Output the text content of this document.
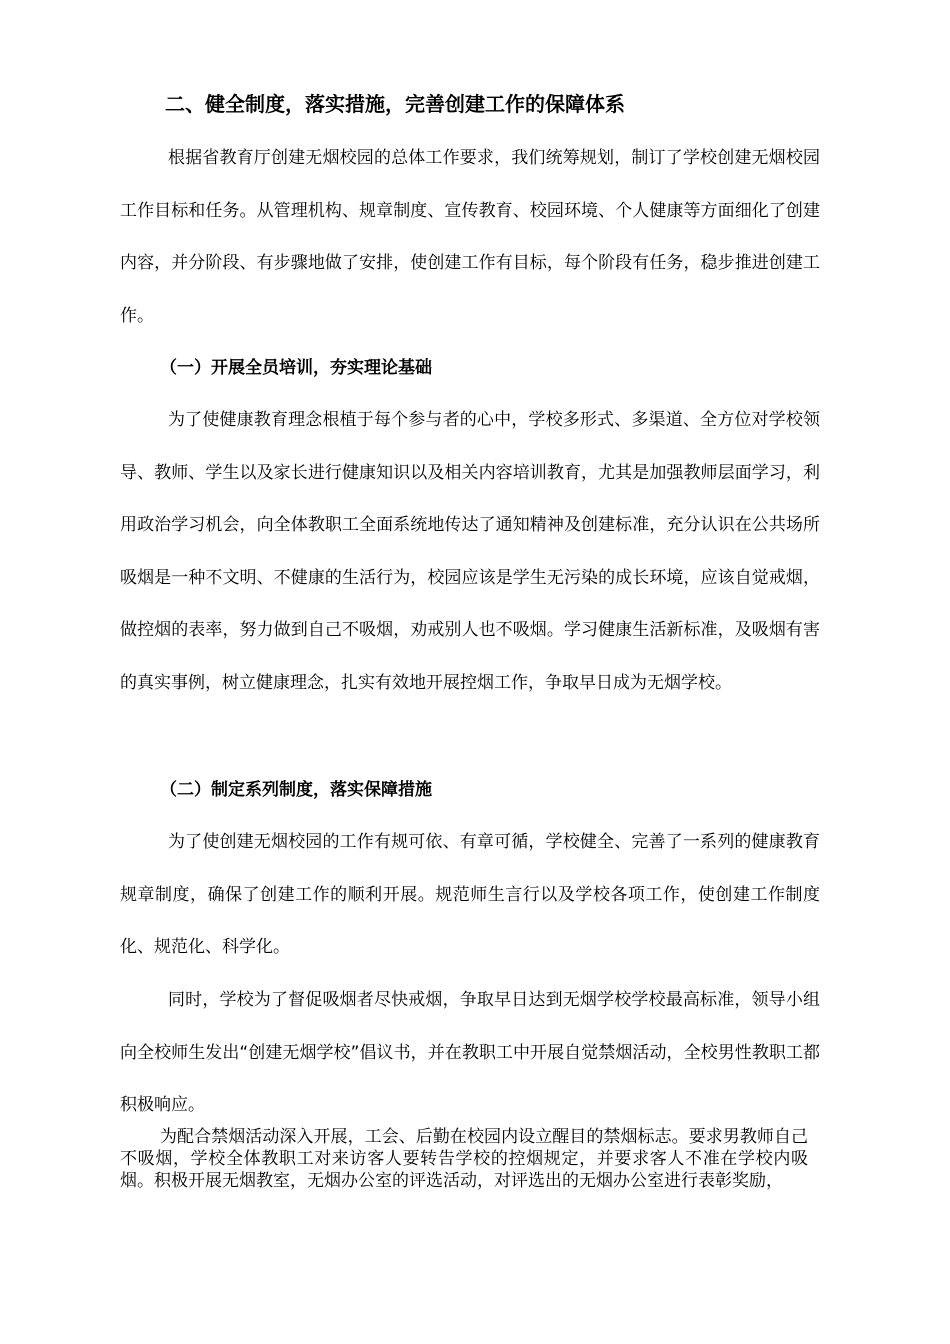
二、健全制度，落实措施，完善创建工作的保障体系

根据省教育厅创建无烟校园的总体工作要求，我们统筹规划，制订了学校创建无烟校园工作目标和任务。从管理机构、规章制度、宣传教育、校园环境、个人健康等方面细化了创建内容，并分阶段、有步骤地做了安排，使创建工作有目标，每个阶段有任务，稳步推进创建工作。

（一）开展全员培训，夯实理论基础

为了使健康教育理念根植于每个参与者的心中，学校多形式、多渠道、全方位对学校领导、教师、学生以及家长进行健康知识以及相关内容培训教育，尤其是加强教师层面学习，利用政治学习机会，向全体教职工全面系统地传达了通知精神及创建标准，充分认识在公共场所吸烟是一种不文明、不健康的生活行为，校园应该是学生无污染的成长环境，应该自觉戒烟，做控烟的表率，努力做到自己不吸烟，劝戒别人也不吸烟。学习健康生活新标准，及吸烟有害的真实事例，树立健康理念，扎实有效地开展控烟工作，争取早日成为无烟学校。

（二）制定系列制度，落实保障措施

为了使创建无烟校园的工作有规可依、有章可循，学校健全、完善了一系列的健康教育规章制度，确保了创建工作的顺利开展。规范师生言行以及学校各项工作，使创建工作制度化、规范化、科学化。

同时，学校为了督促吸烟者尽快戒烟，争取早日达到无烟学校学校最高标准，领导小组向全校师生发出“创建无烟学校”倡议书，并在教职工中开展自觉禁烟活动，全校男性教职工都积极响应。

为配合禁烟活动深入开展，工会、后勤在校园内设立醒目的禁烟标志。要求男教师自己不吸烟，学校全体教职工对来访客人要转告学校的控烟规定，并要求客人不准在学校内吸烟。积极开展无烟教室，无烟办公室的评选活动，对评选出的无烟办公室进行表彰奖励，
